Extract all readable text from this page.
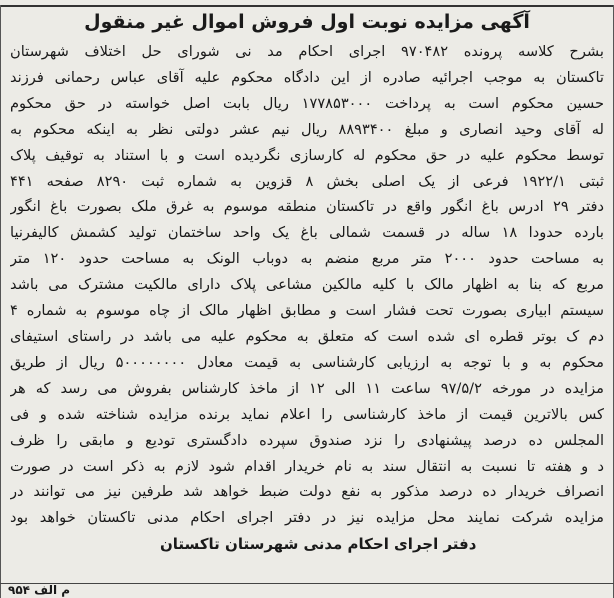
آگهی مزایده نوبت اول فروش اموال غیر منقول
بشرح کلاسه پرونده ۹۷۰۴۸۲ اجرای احکام مد نی شورای حل اختلاف شهرستان
تاکستان به موجب اجرائیه صادره از این دادگاه محکوم علیه آقای عباس رحمانی فرزند
حسین محکوم است به پرداخت ۱۷۷۸۵۳۰۰۰ ریال بابت اصل خواسته در حق محکوم
له آقای وحید انصاری و مبلغ ۸۸۹۳۴۰۰ ریال نیم عشر دولتی نظر به اینکه محکوم به
توسط محکوم علیه در حق محکوم له کارسازی نگردیده است و با استناد به توقیف پلاک
ثبتی ۱۹۲۲/۱ فرعی از یک اصلی بخش ۸ قزوین به شماره ثبت ۸۲۹۰ صفحه ۴۴۱
دفتر ۲۹ ادرس باغ انگور واقع در تاکستان منطقه موسوم به غرق ملک بصورت باغ انگور
بارده حدودا ۱۸ ساله در قسمت شمالی باغ یک واحد ساختمان تولید کشمش کالیفرنیا
به مساحت حدود ۲۰۰۰ متر مربع منضم به دوباب الونک به مساحت حدود ۱۲۰ متر
مربع که بنا به اظهار مالک با کلیه مالکین مشاعی پلاک دارای مالکیت مشترک می باشد
سیستم ابیاری بصورت تحت فشار است و مطابق اظهار مالک از چاه موسوم به شماره ۴
دم ک بوتر قطره ای شده است که متعلق به محکوم علیه می باشد در راستای استیفای
محکوم به و با توجه به ارزیابی کارشناسی به قیمت معادل ۵۰۰۰۰۰۰۰۰ ریال از طریق
مزایده در مورخه ۹۷/۵/۲ ساعت ۱۱ الی ۱۲ از ماخذ کارشناس بفروش می رسد که هر
کس بالاترین قیمت از ماخذ کارشناسی را اعلام نماید برنده مزایده شناخته شده و فی
المجلس ده درصد پیشنهادی را نزد صندوق سپرده دادگستری تودیع و مابقی را ظرف
د و هفته تا نسبت به انتقال سند به نام خریدار اقدام شود لازم به ذکر است در صورت
انصراف خریدار ده درصد مذکور به نفع دولت ضبط خواهد شد طرفین نیز می توانند در
مزایده شرکت نمایند محل مزایده نیز در دفتر اجرای احکام مدنی تاکستان خواهد بود
دفتر اجرای احکام مدنی شهرستان تاکستان
م الف ۹۵۴
